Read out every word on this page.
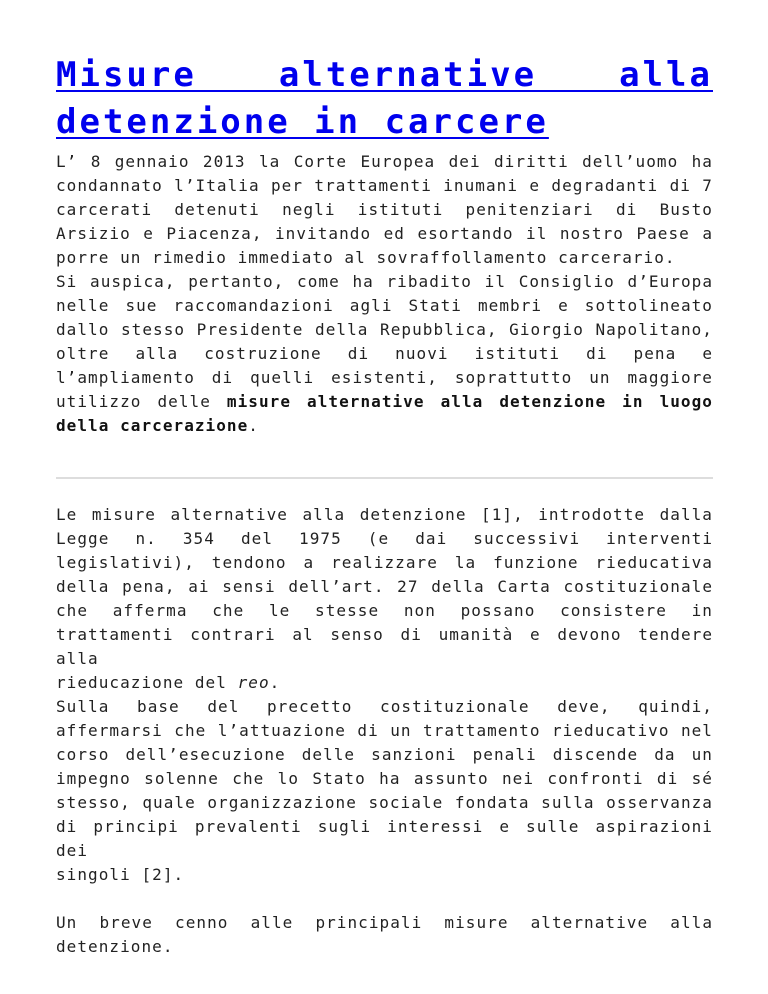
Misure alternative alla
detenzione in carcere
L’ 8 gennaio 2013 la Corte Europea dei diritti dell’uomo ha
condannato l’Italia per trattamenti inumani e degradanti di 7
carcerati detenuti negli istituti penitenziari di Busto
Arsizio e Piacenza, invitando ed esortando il nostro Paese a
porre un rimedio immediato al sovraffollamento carcerario.
Si auspica, pertanto, come ha ribadito il Consiglio d’Europa
nelle sue raccomandazioni agli Stati membri e sottolineato
dallo stesso Presidente della Repubblica, Giorgio Napolitano,
oltre alla costruzione di nuovi istituti di pena e
l’ampliamento di quelli esistenti, soprattutto un maggiore
utilizzo delle misure alternative alla detenzione in luogo
della carcerazione.
Le misure alternative alla detenzione [1], introdotte dalla
Legge n. 354 del 1975 (e dai successivi interventi
legislativi), tendono a realizzare la funzione rieducativa
della pena, ai sensi dell’art. 27 della Carta costituzionale
che afferma che le stesse non possano consistere in
trattamenti contrari al senso di umanità e devono tendere alla
rieducazione del reo.
Sulla base del precetto costituzionale deve, quindi,
affermarsi che l’attuazione di un trattamento rieducativo nel
corso dell’esecuzione delle sanzioni penali discende da un
impegno solenne che lo Stato ha assunto nei confronti di sé
stesso, quale organizzazione sociale fondata sulla osservanza
di principi prevalenti sugli interessi e sulle aspirazioni dei
singoli [2].
Un breve cenno alle principali misure alternative alla
detenzione.
